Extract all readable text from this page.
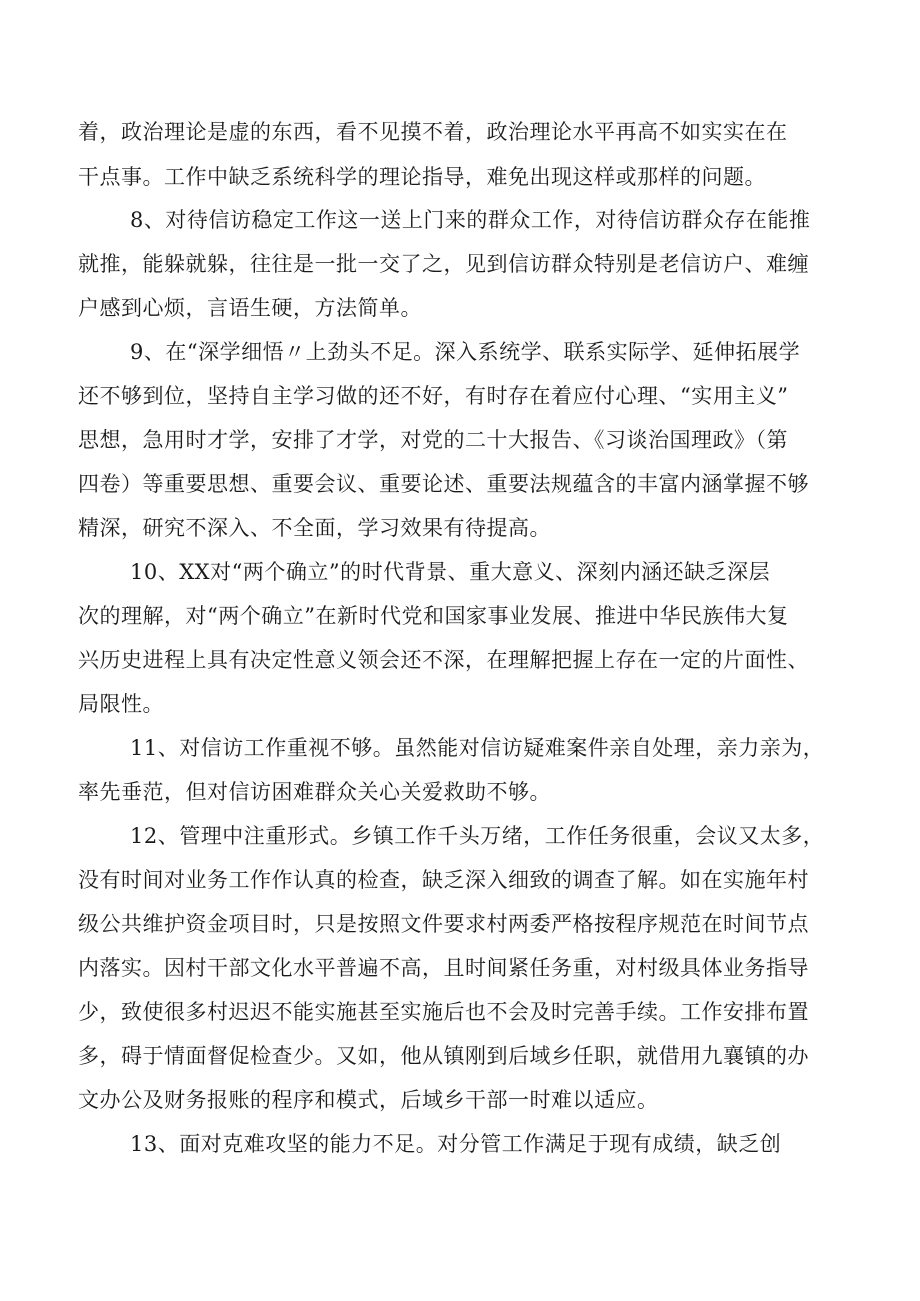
着，政治理论是虚的东西，看不见摸不着，政治理论水平再高不如实实在在
干点事。工作中缺乏系统科学的理论指导，难免出现这样或那样的问题。
8、对待信访稳定工作这一送上门来的群众工作，对待信访群众存在能推
就推，能躲就躲，往往是一批一交了之，见到信访群众特别是老信访户、难缠
户感到心烦，言语生硬，方法简单。
9、在“深学细悟〃上劲头不足。深入系统学、联系实际学、延伸拓展学
还不够到位，坚持自主学习做的还不好，有时存在着应付心理、“实用主义”
思想，急用时才学，安排了才学，对党的二十大报告、《习谈治国理政》（第
四卷）等重要思想、重要会议、重要论述、重要法规蕴含的丰富内涵掌握不够
精深，研究不深入、不全面，学习效果有待提高。
10、XX对“两个确立”的时代背景、重大意义、深刻内涵还缺乏深层
次的理解，对“两个确立”在新时代党和国家事业发展、推进中华民族伟大复
兴历史进程上具有决定性意义领会还不深，在理解把握上存在一定的片面性、
局限性。
11、对信访工作重视不够。虽然能对信访疑难案件亲自处理，亲力亲为，
率先垂范，但对信访困难群众关心关爱救助不够。
12、管理中注重形式。乡镇工作千头万绪，工作任务很重，会议又太多，
没有时间对业务工作作认真的检查，缺乏深入细致的调查了解。如在实施年村
级公共维护资金项目时，只是按照文件要求村两委严格按程序规范在时间节点
内落实。因村干部文化水平普遍不高，且时间紧任务重，对村级具体业务指导
少，致使很多村迟迟不能实施甚至实施后也不会及时完善手续。工作安排布置
多，碍于情面督促检查少。又如，他从镇刚到后域乡任职，就借用九襄镇的办
文办公及财务报账的程序和模式，后域乡干部一时难以适应。
13、面对克难攻坚的能力不足。对分管工作满足于现有成绩，缺乏创
